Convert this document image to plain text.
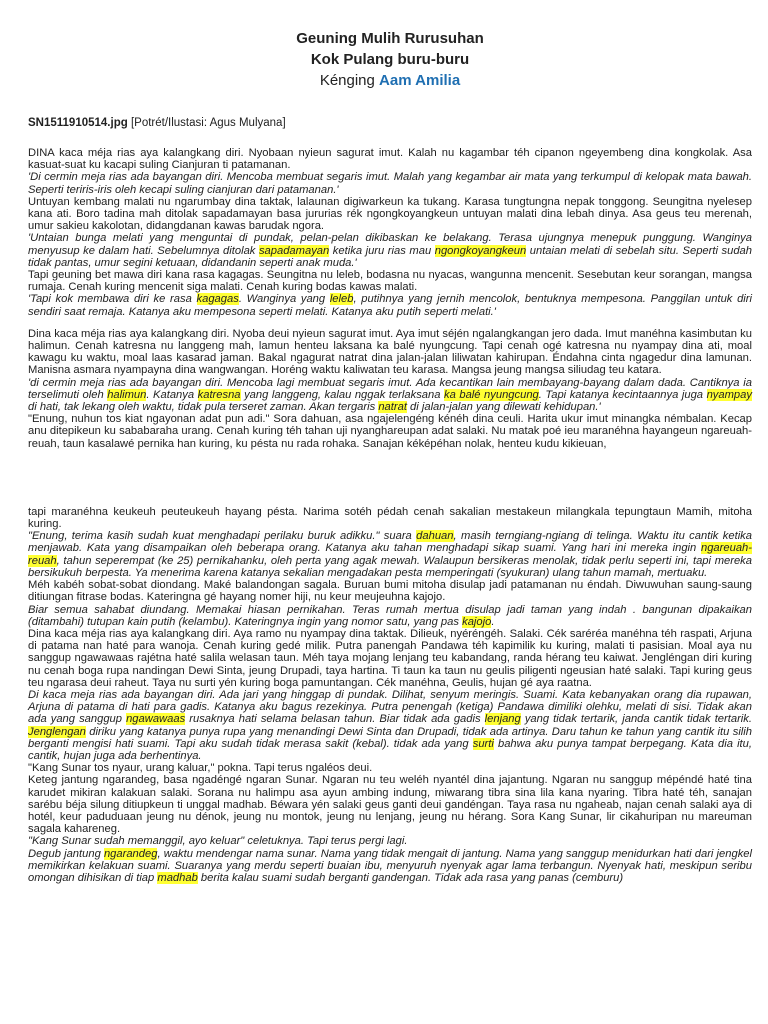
Geuning Mulih Rurusuhan
Kok Pulang buru-buru
Kénging Aam Amilia
SN1511910514.jpg [Potrét/Ilustasi: Agus Mulyana]

DINA kaca méja rias aya kalangkang diri. Nyobaan nyieun sagurat imut. Kalah nu kagambar téh cipanon ngeyembeng dina kongkolak. Asa kasuat-suat ku kacapi suling Cianjuran ti patamanan.

'Di cermin meja rias ada bayangan diri. Mencoba membuat segaris imut. Malah yang kegambar air mata yang terkumpul di kelopak mata bawah. Seperti teriris-iris oleh kecapi suling cianjuran dari patamanan.'

Untuyan kembang malati nu ngarumbay dina taktak, lalaunan digiwarkeun ka tukang. Karasa tungtungna nepak tonggong. Seungitna nyelesep kana ati. Boro tadina mah ditolak sapadamayan basa jururias rék ngongkoyangkeun untuyan malati dina lebah dinya. Asa geus teu merenah, umur sakieu kakolotan, didangdanan kawas barudak ngora.

'Untaian bunga melati yang menguntai di pundak, pelan-pelan dikibaskan ke belakang. Terasa ujungnya menepuk punggung. Wanginya menyusup ke dalam hati. Sebelumnya ditolak sapadamayan ketika juru rias mau ngongkoyangkeun untaian melati di sebelah situ. Seperti sudah tidak pantas, umur segini ketuaan, didandanin seperti anak muda.'

Tapi geuning bet mawa diri kana rasa kagagas. Seungitna nu leleb, bodasna nu nyacas, wangunna mencenit. Sesebutan keur sorangan, mangsa rumaja. Cenah kuring mencenit siga malati. Cenah kuring bodas kawas malati.

'Tapi kok membawa diri ke rasa kagagas. Wanginya yang leleb, putihnya yang jernih mencolok, bentuknya mempesona. Panggilan untuk diri sendiri saat remaja. Katanya aku mempesona seperti melati. Katanya aku putih seperti melati.'

Dina kaca méja rias aya kalangkang diri. Nyoba deui nyieun sagurat imut. Aya imut séjén ngalangkangan jero dada. Imut manéhna kasimbutan ku halimun. Cenah katresna nu langgeng mah, lamun henteu laksana ka balé nyungcung. Tapi cenah ogé katresna nu nyampay dina ati, moal kawagu ku waktu, moal laas kasarad jaman. Bakal ngagurat natrat dina jalan-jalan liliwatan kahirupan. Éndahna cinta ngagedur dina lamunan. Manisna asmara nyampayna dina wangwangan. Horéng waktu kaliwatan teu karasa. Mangsa jeung mangsa siliudag teu katara.

'di cermin meja rias ada bayangan diri. Mencoba lagi membuat segaris imut. Ada kecantikan lain membayang-bayang dalam dada. Cantiknya ia terselimuti oleh halimun. Katanya katresna yang langgeng, kalau nggak terlaksana ka balé nyungcung. Tapi katanya kecintaannya juga nyampay di hati, tak lekang oleh waktu, tidak pula terseret zaman. Akan tergaris natrat di jalan-jalan yang dilewati kehidupan.'

"Enung, nuhun tos kiat ngayonan adat pun adi." Sora dahuan, asa ngajelengéng kénéh dina ceuli. Harita ukur imut minangka némbalan. Kecap anu ditepikeun ku sababaraha urang. Cenah kuring téh tahan uji nyanghareupan adat salaki. Nu matak poé ieu maranéhna hayangeun ngareuah-reuah, taun kasalawé pernika han kuring, ku pésta nu rada rohaka. Sanajan kéképéhan nolak, henteu kudu kikieuan,

tapi maranéhna keukeuh peuteukeuh hayang pésta. Narima sotéh pédah cenah sakalian mestakeun milangkala tepungtaun Mamih, mitoha kuring.

"Enung, terima kasih sudah kuat menghadapi perilaku buruk adikku." suara dahuan, masih terngiang-ngiang di telinga. Waktu itu cantik ketika menjawab. Kata yang disampaikan oleh beberapa orang. Katanya aku tahan menghadapi sikap suami. Yang hari ini mereka ingin ngareuah-reuah, tahun seperempat (ke 25) pernikahanku, oleh perta yang agak mewah. Walaupun bersikeras menolak, tidak perlu seperti ini, tapi mereka bersikukuh berpesta. Ya menerima karena katanya sekalian mengadakan pesta memperingati (syukuran) ulang tahun mamah, mertuaku.

Méh kabéh sobat-sobat diondang. Maké balandongan sagala. Buruan bumi mitoha disulap jadi patamanan nu éndah. Diwuwuhan saung-saung ditiungan fitrase bodas. Kateringna gé hayang nomer hiji, nu keur meujeuhna kajojo.

Biar semua sahabat diundang. Memakai hiasan pernikahan. Teras rumah mertua disulap jadi taman yang indah . bangunan dipakaikan (ditambahi) tutupan kain putih (kelambu). Kateringnya ingin yang nomor satu, yang pas kajojo.

Dina kaca méja rias aya kalangkang diri. Aya ramo nu nyampay dina taktak. Dilieuk, nyéréngéh. Salaki. Cék saréréa manéhna téh raspati, Arjuna di patama nan haté para wanoja. Cenah kuring gedé milik. Putra panengah Pandawa téh kapimilik ku kuring, malati ti pasisian. Moal aya nu sanggup ngawawaas rajétna haté salila welasan taun. Méh taya mojang lenjang teu kabandang, randa hérang teu kaiwat. Jengléngan diri kuring nu cenah boga rupa nandingan Dewi Sinta, jeung Drupadi, taya hartina. Ti taun ka taun nu geulis piligenti ngeusian haté salaki. Tapi kuring geus teu ngarasa deui raheut. Taya nu surti yén kuring boga pamuntangan. Cék manéhna, Geulis, hujan gé aya raatna.

Di kaca meja rias ada bayangan diri. Ada jari yang hinggap di pundak. Dilihat, senyum meringis. Suami. Kata kebanyakan orang dia rupawan, Arjuna di patama di hati para gadis. Katanya aku bagus rezekinya. Putra penengah (ketiga) Pandawa dimiliki olehku, melati di sisi. Tidak akan ada yang sanggup ngawawaas rusaknya hati selama belasan tahun. Biar tidak ada gadis lenjang yang tidak tertarik, janda cantik tidak tertarik. Jenglengan diriku yang katanya punya rupa yang menandingi Dewi Sinta dan Drupadi, tidak ada artinya. Daru tahun ke tahun yang cantik itu silih berganti mengisi hati suami. Tapi aku sudah tidak merasa sakit (kebal). tidak ada yang surti bahwa aku punya tampat berpegang. Kata dia itu, cantik, hujan juga ada berhentinya.

"Kang Sunar tos nyaur, urang kaluar," pokna. Tapi terus ngaléos deui.

Keteg jantung ngarandeg, basa ngadéngé ngaran Sunar. Ngaran nu teu weléh nyantél dina jajantung. Ngaran nu sanggup mépéndé haté tina karudet mikiran kalakuan salaki. Sorana nu halimpu asa ayun ambing indung, miwarang tibra sina lila kana nyaring. Tibra haté téh, sanajan sarébu béja silung ditiupkeun ti unggal madhab. Béwara yén salaki geus ganti deui gandéngan. Taya rasa nu ngaheab, najan cenah salaki aya di hotél, keur paduduaan jeung nu dénok, jeung nu montok, jeung nu lenjang, jeung nu hérang. Sora Kang Sunar, lir cikahuripan nu mareuman sagala kahareneg.

"Kang Sunar sudah memanggil, ayo keluar" celetuknya. Tapi terus pergi lagi.

Degub jantung ngarandeg, waktu mendengar nama sunar. Nama yang tidak mengait di jantung. Nama yang sanggup menidurkan hati dari jengkel memikirkan kelakuan suami. Suaranya yang merdu seperti buaian ibu, menyuruh nyenyak agar lama terbangun. Nyenyak hati, meskipun seribu omongan dihisikan di tiap madhab berita kalau suami sudah berganti gandengan. Tidak ada rasa yang panas (cemburu)
